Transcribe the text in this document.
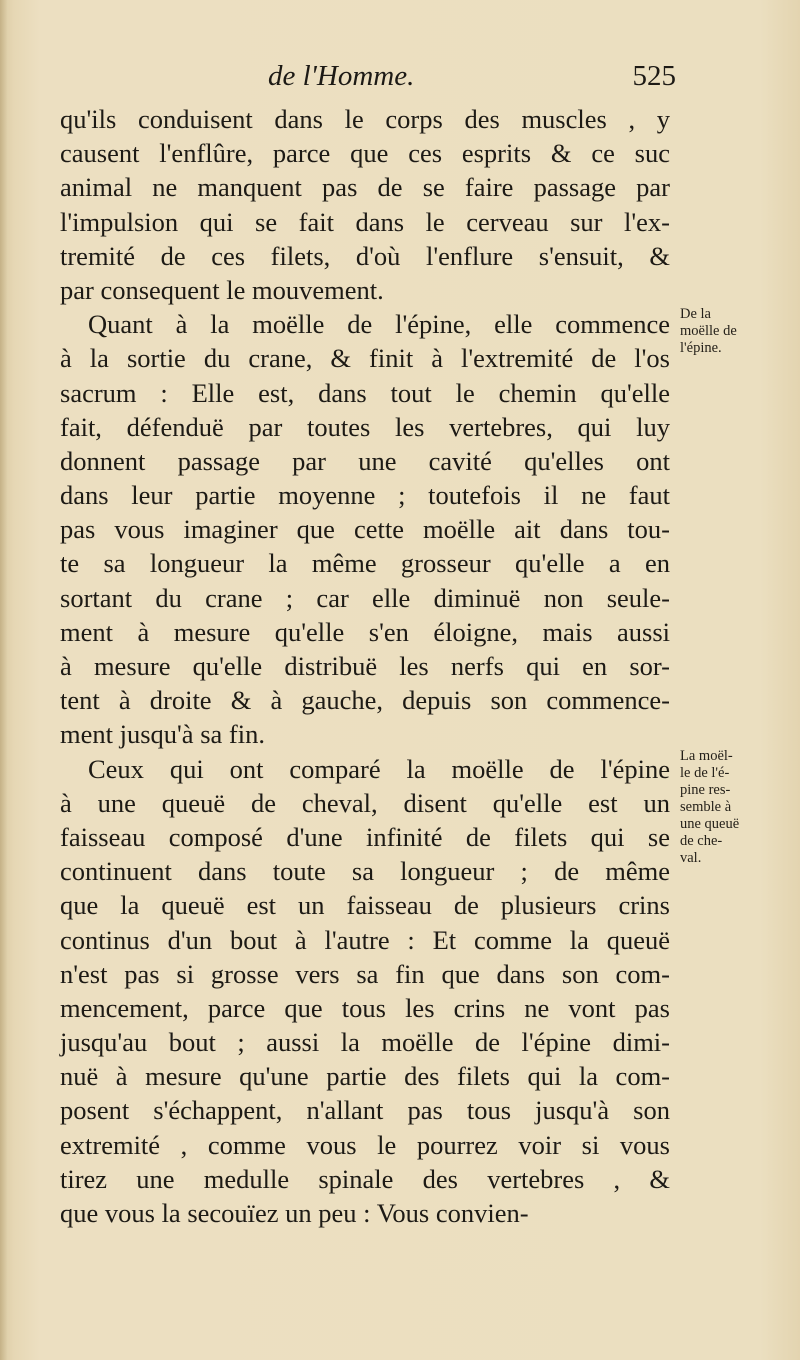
de l'Homme.	525
qu'ils conduisent dans le corps des muscles , y
causent l'enflûre, parce que ces esprits & ce suc
animal ne manquent pas de se faire passage par
l'impulsion qui se fait dans le cerveau sur l'ex-
tremité de ces filets, d'où l'enflure s'ensuit, &
par consequent le mouvement.
Quant à la moëlle de l'épine, elle commence
à la sortie du crane, & finit à l'extremité de l'os
sacrum : Elle est, dans tout le chemin qu'elle
fait, défenduë par toutes les vertebres, qui luy
donnent passage par une cavité qu'elles ont
dans leur partie moyenne ; toutefois il ne faut
pas vous imaginer que cette moëlle ait dans tou-
te sa longueur la même grosseur qu'elle a en
sortant du crane ; car elle diminuë non seule-
ment à mesure qu'elle s'en éloigne, mais aussi
à mesure qu'elle distribuë les nerfs qui en sor-
tent à droite & à gauche, depuis son commence-
ment jusqu'à sa fin.
Ceux qui ont comparé la moëlle de l'épine
à une queuë de cheval, disent qu'elle est un
faisseau composé d'une infinité de filets qui se
continuent dans toute sa longueur ; de même
que la queuë est un faisseau de plusieurs crins
continus d'un bout à l'autre : Et comme la queuë
n'est pas si grosse vers sa fin que dans son com-
mencement, parce que tous les crins ne vont pas
jusqu'au bout ; aussi la moëlle de l'épine dimi-
nuë à mesure qu'une partie des filets qui la com-
posent s'échappent, n'allant pas tous jusqu'à son
extremité , comme vous le pourrez voir si vous
tirez une medulle spinale des vertebres , &
que vous la secouïez un peu : Vous convien-
De la
moëlle de
l'épine.
La moël-
le de l'é-
pine res-
semble à
une queuë
de che-
val.
